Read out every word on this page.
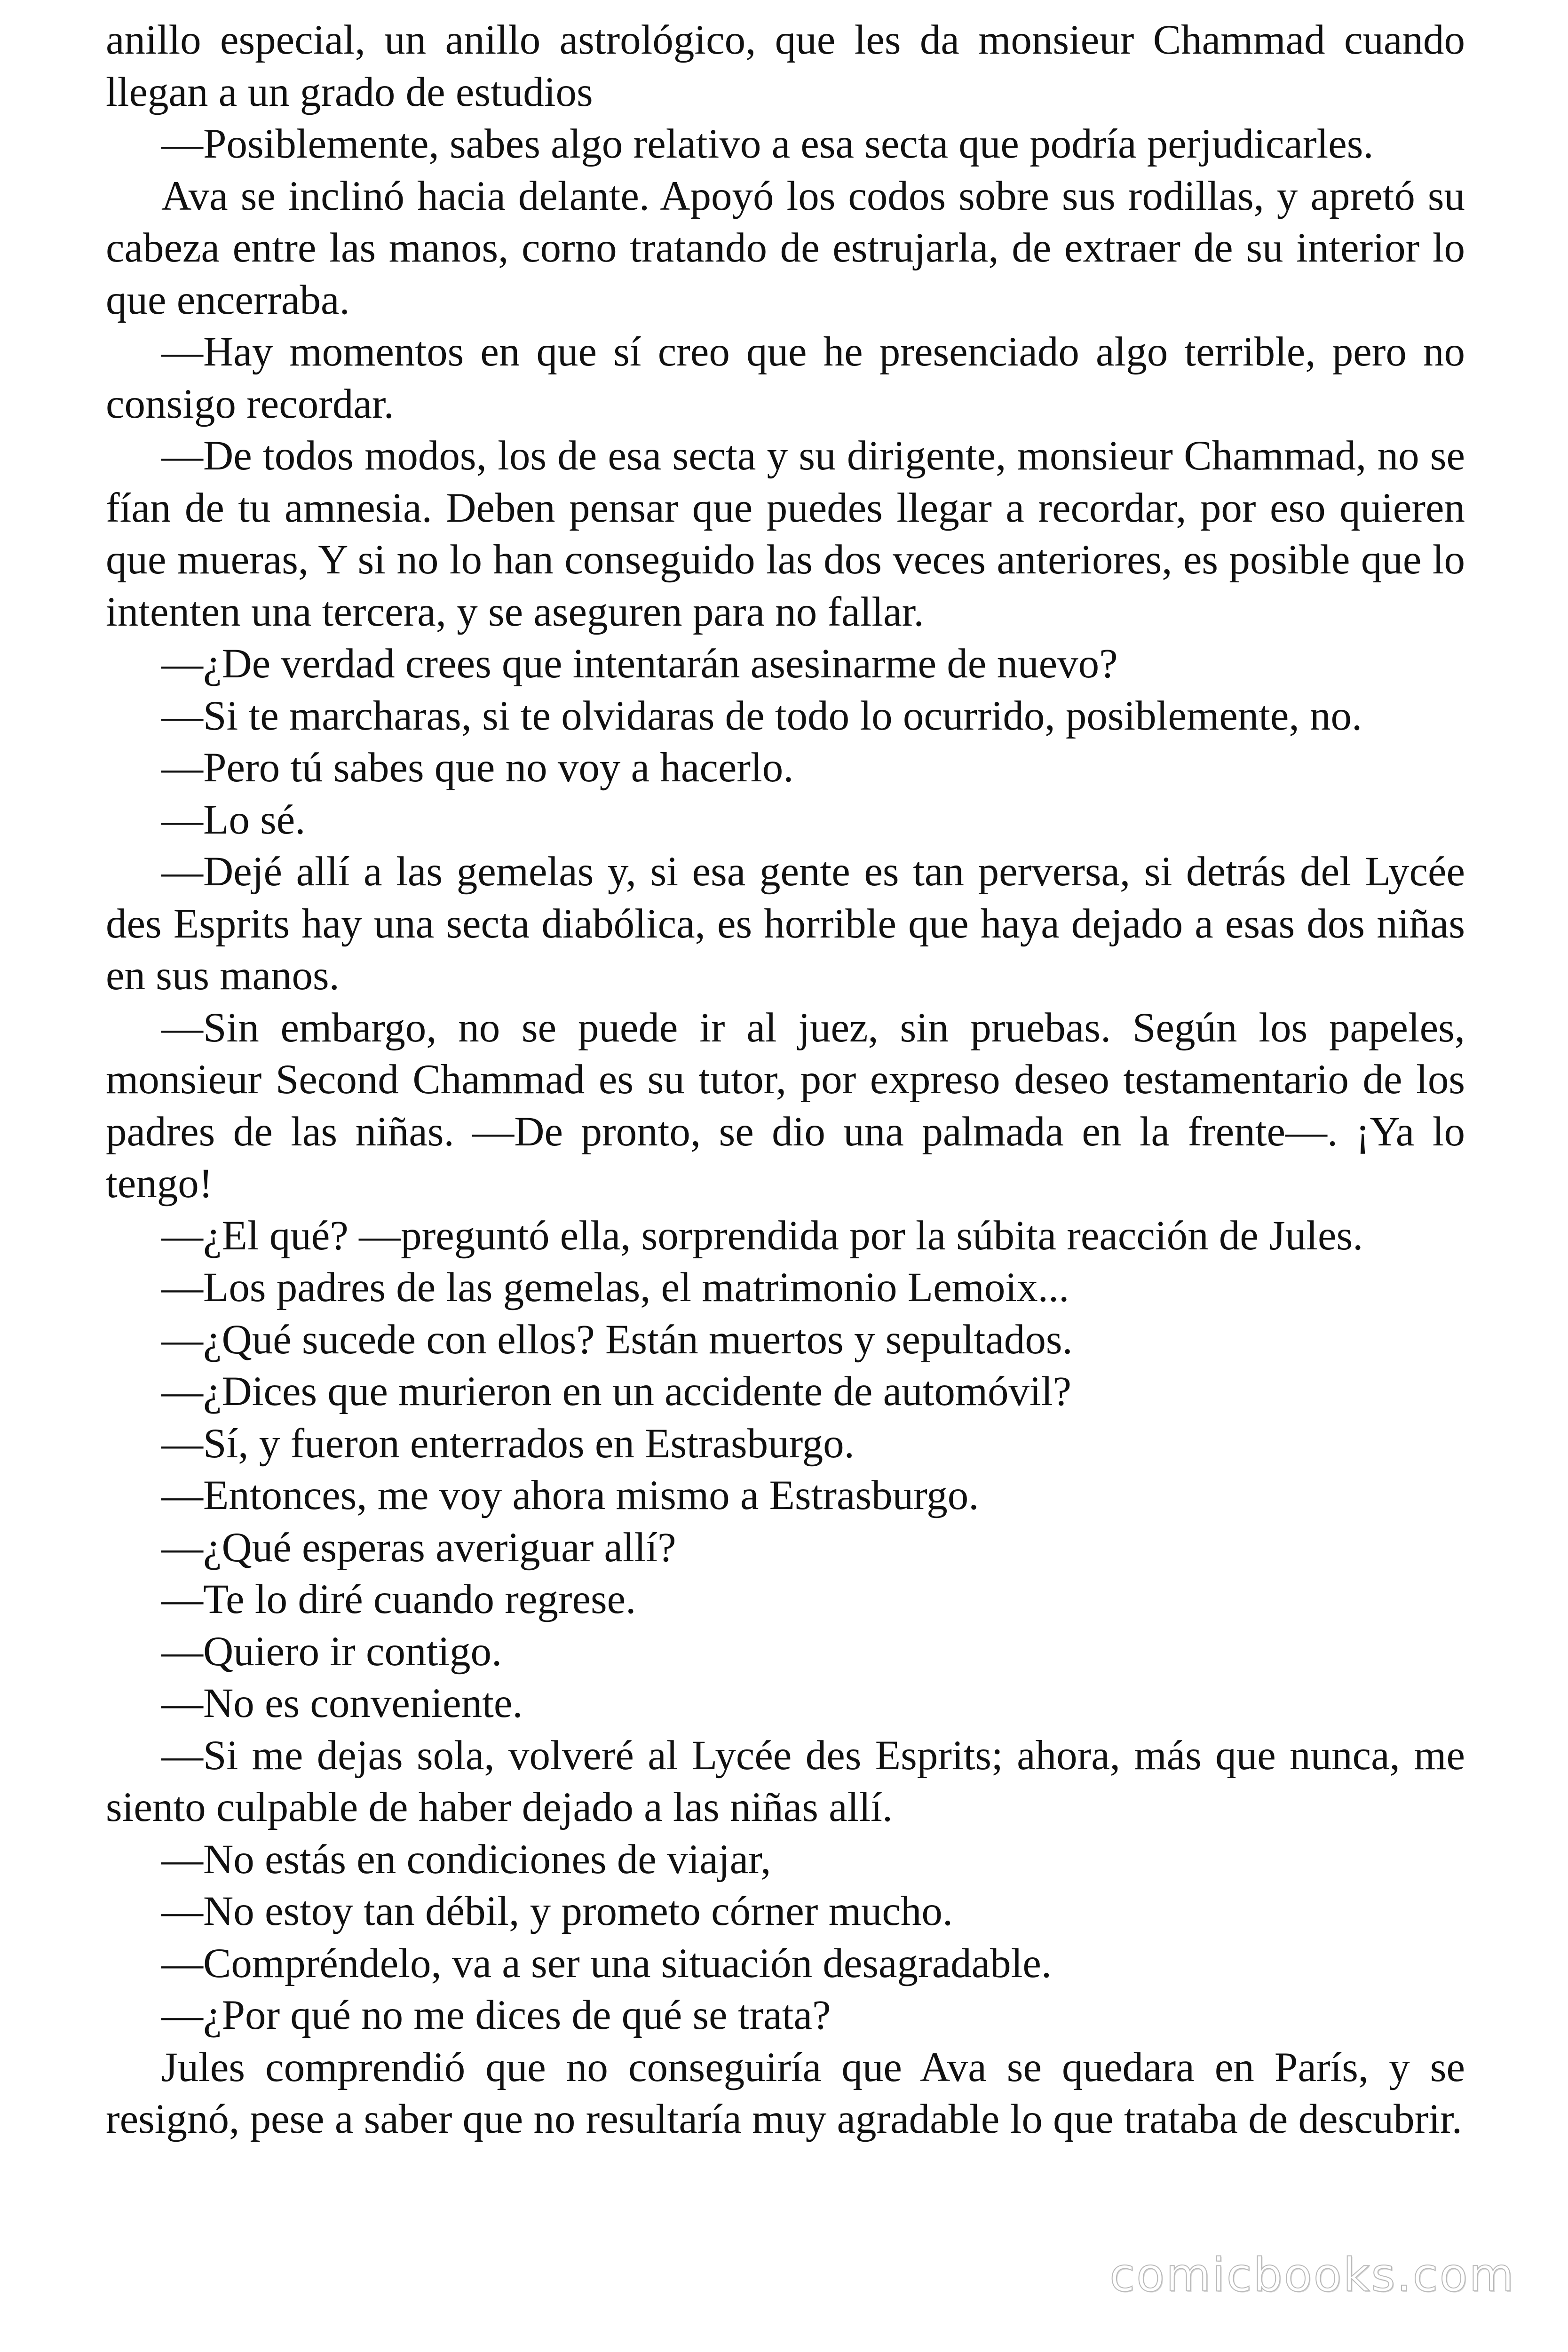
anillo especial, un anillo astrológico, que les da monsieur Chammad cuando llegan a un grado de estudios

—Posiblemente, sabes algo relativo a esa secta que podría perjudicarles.

Ava se inclinó hacia delante. Apoyó los codos sobre sus rodillas, y apretó su cabeza entre las manos, corno tratando de estrujarla, de extraer de su interior lo que encerraba.

—Hay momentos en que sí creo que he presenciado algo terrible, pero no consigo recordar.

—De todos modos, los de esa secta y su dirigente, monsieur Chammad, no se fían de tu amnesia. Deben pensar que puedes llegar a recordar, por eso quieren que mueras, Y si no lo han conseguido las dos veces anteriores, es posible que lo intenten una tercera, y se aseguren para no fallar.

—¿De verdad crees que intentarán asesinarme de nuevo?

—Si te marcharas, si te olvidaras de todo lo ocurrido, posiblemente, no.

—Pero tú sabes que no voy a hacerlo.

—Lo sé.

—Dejé allí a las gemelas y, si esa gente es tan perversa, si detrás del Lycée des Esprits hay una secta diabólica, es horrible que haya dejado a esas dos niñas en sus manos.

—Sin embargo, no se puede ir al juez, sin pruebas. Según los papeles, monsieur Second Chammad es su tutor, por expreso deseo testamentario de los padres de las niñas. —De pronto, se dio una palmada en la frente—. ¡Ya lo tengo!

—¿El qué? —preguntó ella, sorprendida por la súbita reacción de Jules.

—Los padres de las gemelas, el matrimonio Lemoix...

—¿Qué sucede con ellos? Están muertos y sepultados.

—¿Dices que murieron en un accidente de automóvil?

—Sí, y fueron enterrados en Estrasburgo.

—Entonces, me voy ahora mismo a Estrasburgo.

—¿Qué esperas averiguar allí?

—Te lo diré cuando regrese.

—Quiero ir contigo.

—No es conveniente.

—Si me dejas sola, volveré al Lycée des Esprits; ahora, más que nunca, me siento culpable de haber dejado a las niñas allí.

—No estás en condiciones de viajar,

—No estoy tan débil, y prometo córner mucho.

—Compréndelo, va a ser una situación desagradable.

—¿Por qué no me dices de qué se trata?

Jules comprendió que no conseguiría que Ava se quedara en París, y se resignó, pese a saber que no resultaría muy agradable lo que trataba de descubrir.

comicbooks.com
